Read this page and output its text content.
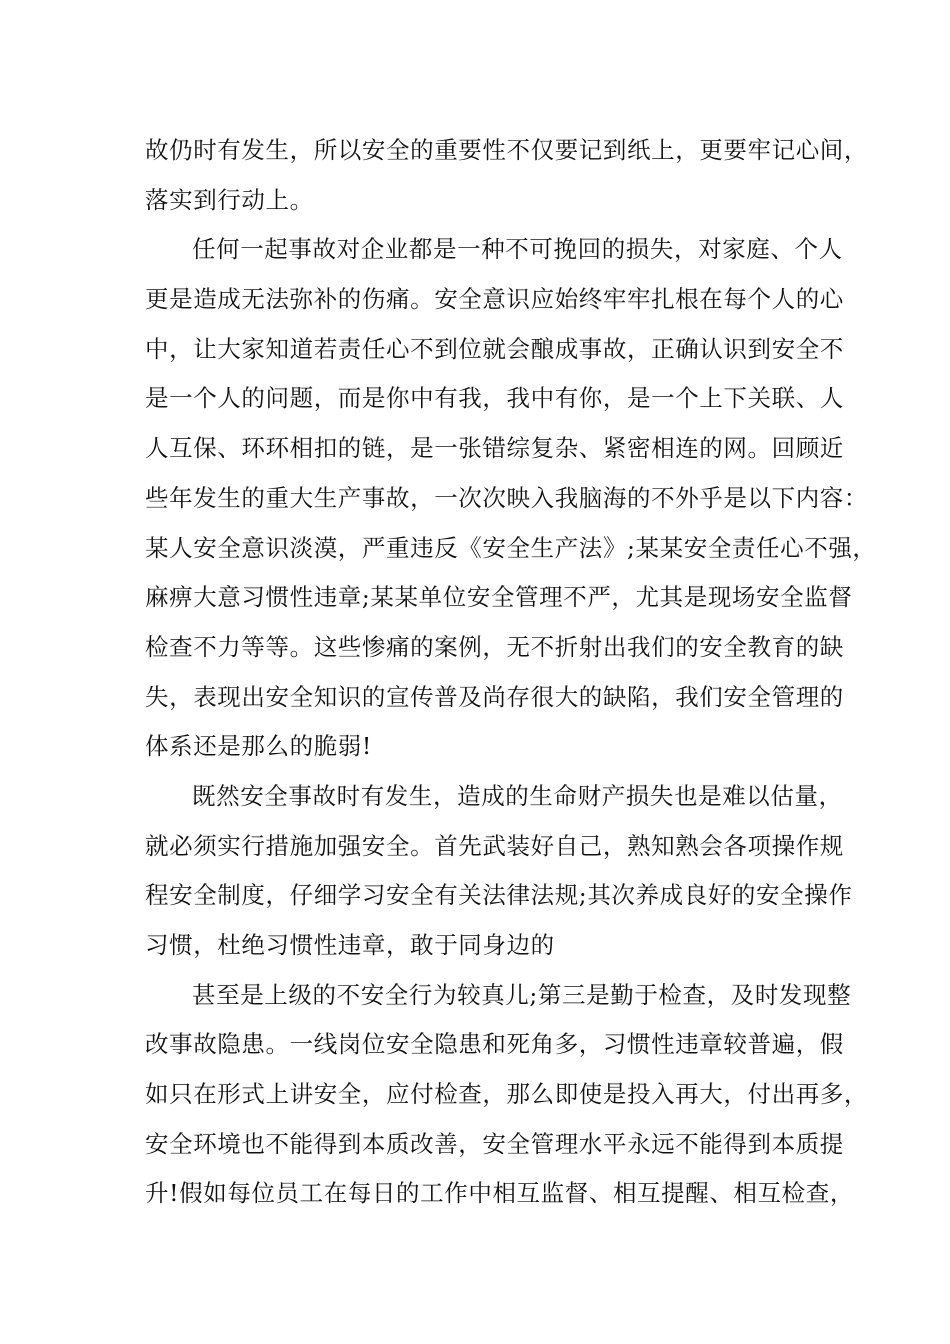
故仍时有发生，所以安全的重要性不仅要记到纸上，更要牢记心间，
落实到行动上。
任何一起事故对企业都是一种不可挽回的损失，对家庭、个人
更是造成无法弥补的伤痛。安全意识应始终牢牢扎根在每个人的心
中，让大家知道若责任心不到位就会酿成事故，正确认识到安全不
是一个人的问题，而是你中有我，我中有你，是一个上下关联、人
人互保、环环相扣的链，是一张错综复杂、紧密相连的网。回顾近
些年发生的重大生产事故，一次次映入我脑海的不外乎是以下内容：
某人安全意识淡漠，严重违反《安全生产法》;某某安全责任心不强，
麻痹大意习惯性违章;某某单位安全管理不严，尤其是现场安全监督
检查不力等等。这些惨痛的案例，无不折射出我们的安全教育的缺
失，表现出安全知识的宣传普及尚存很大的缺陷，我们安全管理的
体系还是那么的脆弱!
既然安全事故时有发生，造成的生命财产损失也是难以估量，
就必须实行措施加强安全。首先武装好自己，熟知熟会各项操作规
程安全制度，仔细学习安全有关法律法规;其次养成良好的安全操作
习惯，杜绝习惯性违章，敢于同身边的
甚至是上级的不安全行为较真儿;第三是勤于检查，及时发现整
改事故隐患。一线岗位安全隐患和死角多，习惯性违章较普遍，假
如只在形式上讲安全，应付检查，那么即使是投入再大，付出再多，
安全环境也不能得到本质改善，安全管理水平永远不能得到本质提
升!假如每位员工在每日的工作中相互监督、相互提醒、相互检查，
